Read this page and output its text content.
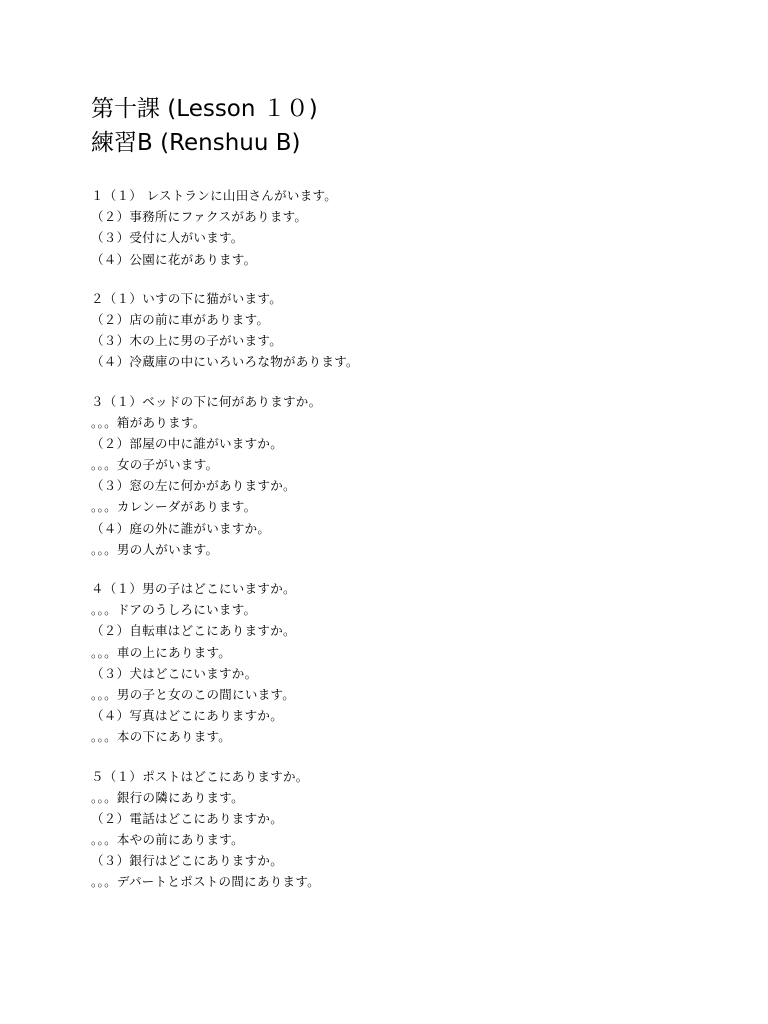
第十課 (Lesson １０)
練習B (Renshuu B)
１（１） レストランに山田さんがいます。
（２）事務所にファクスがあります。
（３）受付に人がいます。
（４）公園に花があります。
２（１）いすの下に猫がいます。
（２）店の前に車があります。
（３）木の上に男の子がいます。
（４）冷蔵庫の中にいろいろな物があります。
３（１）ベッドの下に何がありますか。
。。。箱があります。
（２）部屋の中に誰がいますか。
。。。女の子がいます。
（３）窓の左に何かがありますか。
。。。カレンーダがあります。
（４）庭の外に誰がいますか。
。。。男の人がいます。
４（１）男の子はどこにいますか。
。。。ドアのうしろにいます。
（２）自転車はどこにありますか。
。。。車の上にあります。
（３）犬はどこにいますか。
。。。男の子と女のこの間にいます。
（４）写真はどこにありますか。
。。。本の下にあります。
５（１）ポストはどこにありますか。
。。。銀行の隣にあります。
（２）電話はどこにありますか。
。。。本やの前にあります。
（３）銀行はどこにありますか。
。。。デパートとポストの間にあります。
